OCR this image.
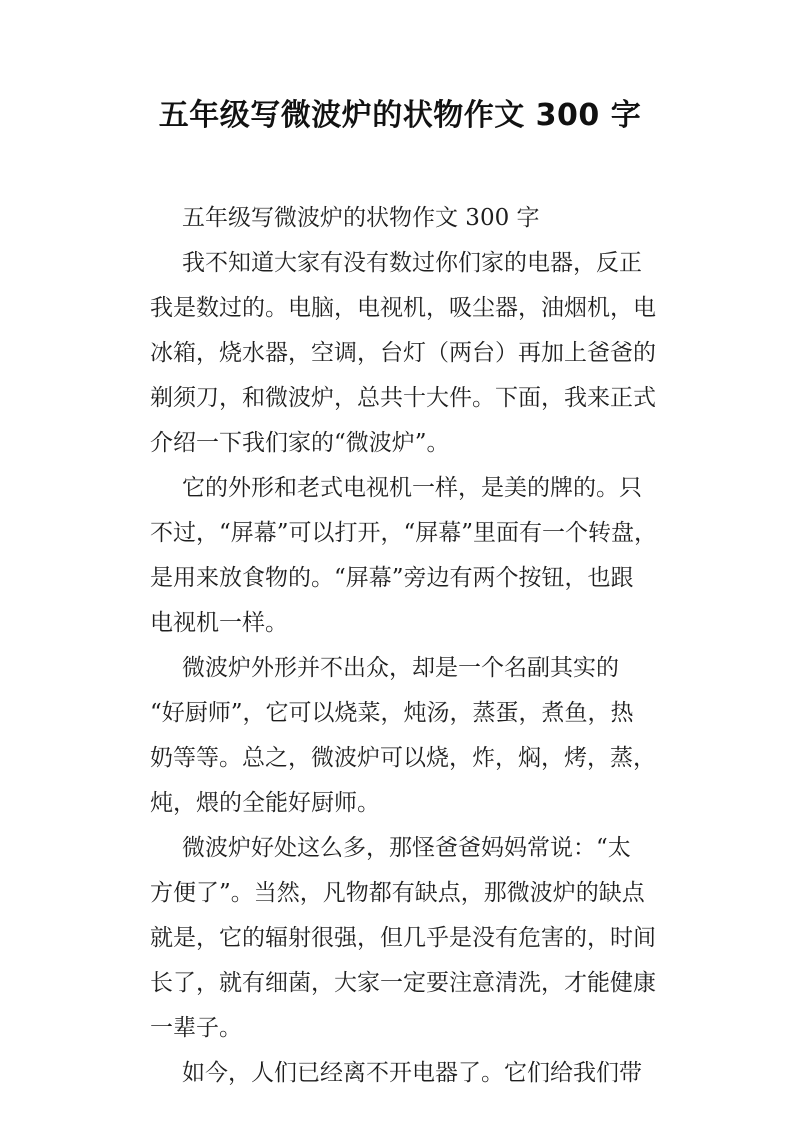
五年级写微波炉的状物作文 300 字
五年级写微波炉的状物作文 300 字
我不知道大家有没有数过你们家的电器，反正
我是数过的。电脑，电视机，吸尘器，油烟机，电
冰箱，烧水器，空调，台灯（两台）再加上爸爸的
剃须刀，和微波炉，总共十大件。下面，我来正式
介绍一下我们家的“微波炉”。
它的外形和老式电视机一样，是美的牌的。只
不过，“屏幕”可以打开，“屏幕”里面有一个转盘，
是用来放食物的。“屏幕”旁边有两个按钮，也跟
电视机一样。
微波炉外形并不出众，却是一个名副其实的
“好厨师”，它可以烧菜，炖汤，蒸蛋，煮鱼，热
奶等等。总之，微波炉可以烧，炸，焖，烤，蒸，
炖，煨的全能好厨师。
微波炉好处这么多，那怪爸爸妈妈常说：“太
方便了”。当然，凡物都有缺点，那微波炉的缺点
就是，它的辐射很强，但几乎是没有危害的，时间
长了，就有细菌，大家一定要注意清洗，才能健康
一辈子。
如今，人们已经离不开电器了。它们给我们带
